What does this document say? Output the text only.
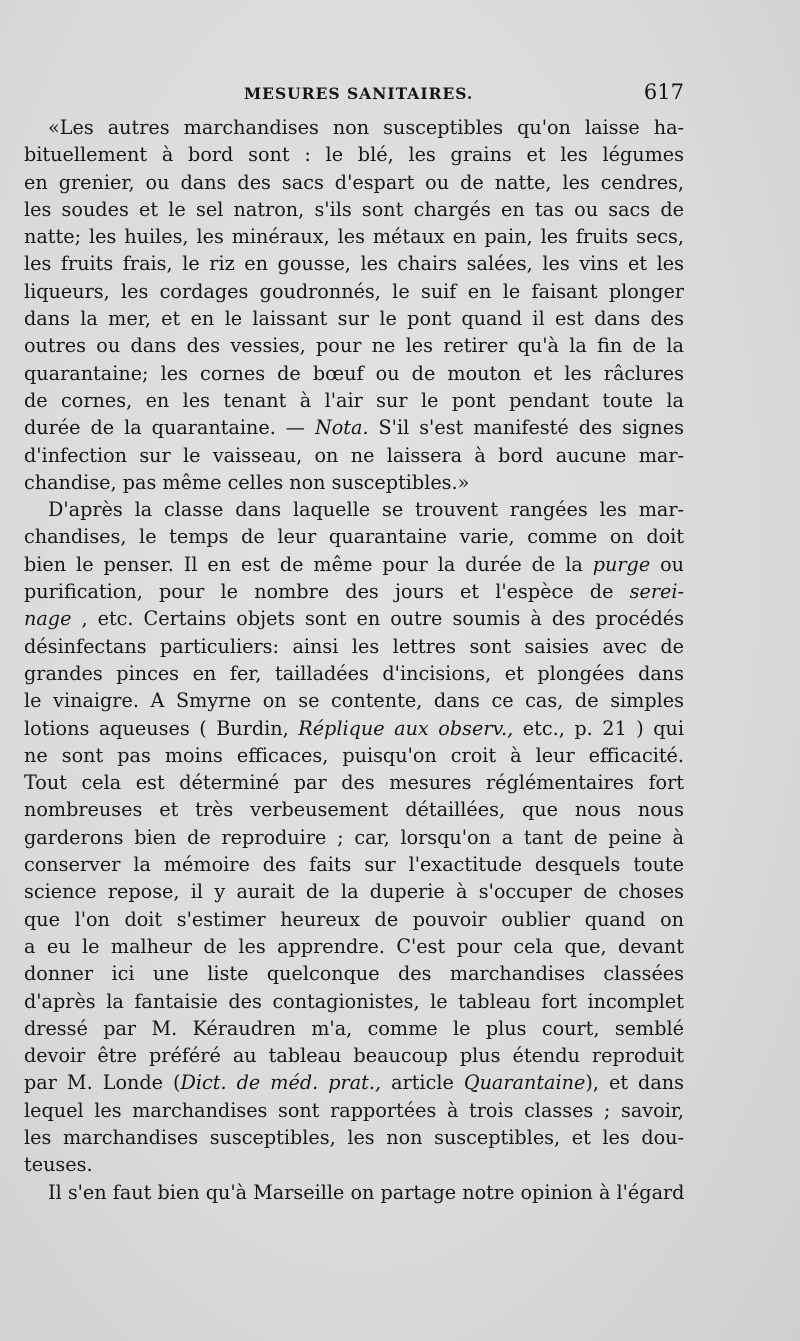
MESURES SANITAIRES.	617
«Les autres marchandises non susceptibles qu'on laisse ha-
bituellement à bord sont : le blé, les grains et les légumes
en grenier, ou dans des sacs d'espart ou de natte, les cendres,
les soudes et le sel natron, s'ils sont chargés en tas ou sacs de
natte; les huiles, les minéraux, les métaux en pain, les fruits secs,
les fruits frais, le riz en gousse, les chairs salées, les vins et les
liqueurs, les cordages goudronnés, le suif en le faisant plonger
dans la mer, et en le laissant sur le pont quand il est dans des
outres ou dans des vessies, pour ne les retirer qu'à la fin de la
quarantaine; les cornes de bœuf ou de mouton et les râclures
de cornes, en les tenant à l'air sur le pont pendant toute la
durée de la quarantaine. — Nota. S'il s'est manifesté des signes
d'infection sur le vaisseau, on ne laissera à bord aucune mar-
chandise, pas même celles non susceptibles.»
D'après la classe dans laquelle se trouvent rangées les mar-
chandises, le temps de leur quarantaine varie, comme on doit
bien le penser. Il en est de même pour la durée de la purge ou
purification, pour le nombre des jours et l'espèce de serei-
nage , etc. Certains objets sont en outre soumis à des procédés
désinfectans particuliers: ainsi les lettres sont saisies avec de
grandes pinces en fer, tailladées d'incisions, et plongées dans
le vinaigre. A Smyrne on se contente, dans ce cas, de simples
lotions aqueuses ( Burdin, Réplique aux observ., etc., p. 21 ) qui
ne sont pas moins efficaces, puisqu'on croit à leur efficacité.
Tout cela est déterminé par des mesures réglémentaires fort
nombreuses et très verbeusement détaillées, que nous nous
garderons bien de reproduire ; car, lorsqu'on a tant de peine à
conserver la mémoire des faits sur l'exactitude desquels toute
science repose, il y aurait de la duperie à s'occuper de choses
que l'on doit s'estimer heureux de pouvoir oublier quand on
a eu le malheur de les apprendre. C'est pour cela que, devant
donner ici une liste quelconque des marchandises classées
d'après la fantaisie des contagionistes, le tableau fort incomplet
dressé par M. Kéraudren m'a, comme le plus court, semblé
devoir être préféré au tableau beaucoup plus étendu reproduit
par M. Londe (Dict. de méd. prat., article Quarantaine), et dans
lequel les marchandises sont rapportées à trois classes ; savoir,
les marchandises susceptibles, les non susceptibles, et les dou-
teuses.
Il s'en faut bien qu'à Marseille on partage notre opinion à l'égard
